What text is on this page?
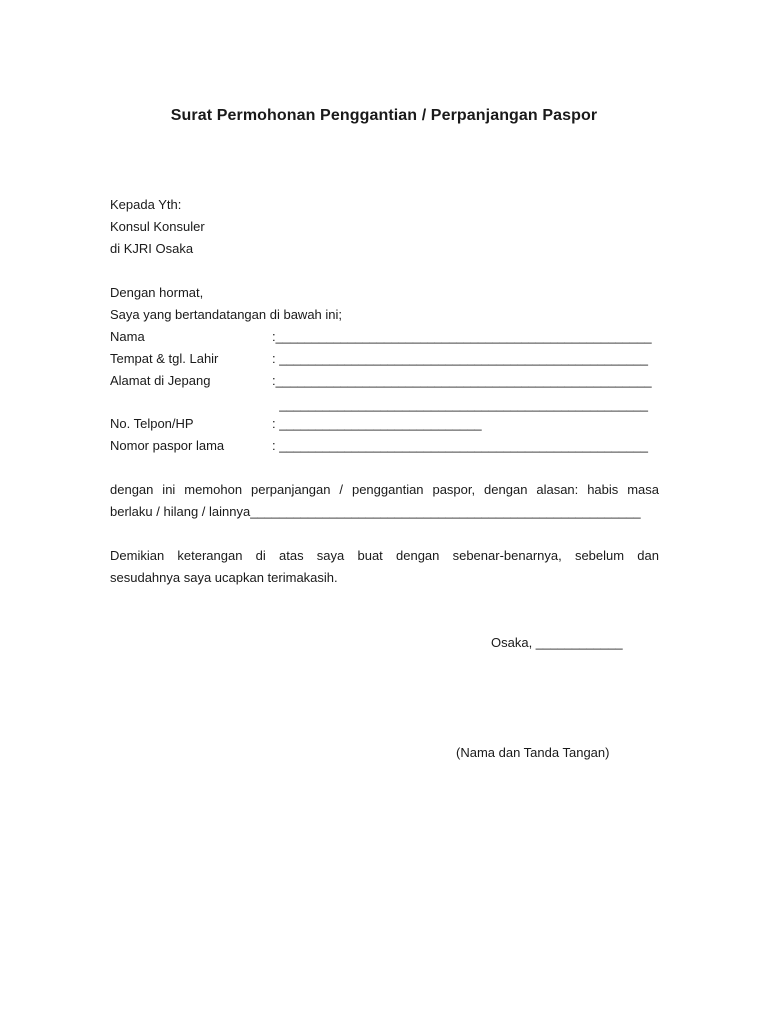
Surat Permohonan Penggantian / Perpanjangan Paspor
Kepada Yth:
Konsul Konsuler
di KJRI Osaka
Dengan hormat,
Saya yang bertandatangan di bawah ini;
Nama	:____________________________________________________
Tempat & tgl. Lahir	: ___________________________________________________
Alamat di Jepang	:____________________________________________________
___________________________________________________
No. Telpon/HP	: ____________________________
Nomor paspor lama	: ___________________________________________________
dengan ini memohon perpanjangan / penggantian paspor, dengan alasan: habis masa
berlaku / hilang / lainnya______________________________________________________
Demikian keterangan di atas saya buat dengan sebenar-benarnya, sebelum dan
sesudahnya saya ucapkan terimakasih.
Osaka, ____________
(Nama dan Tanda Tangan)
